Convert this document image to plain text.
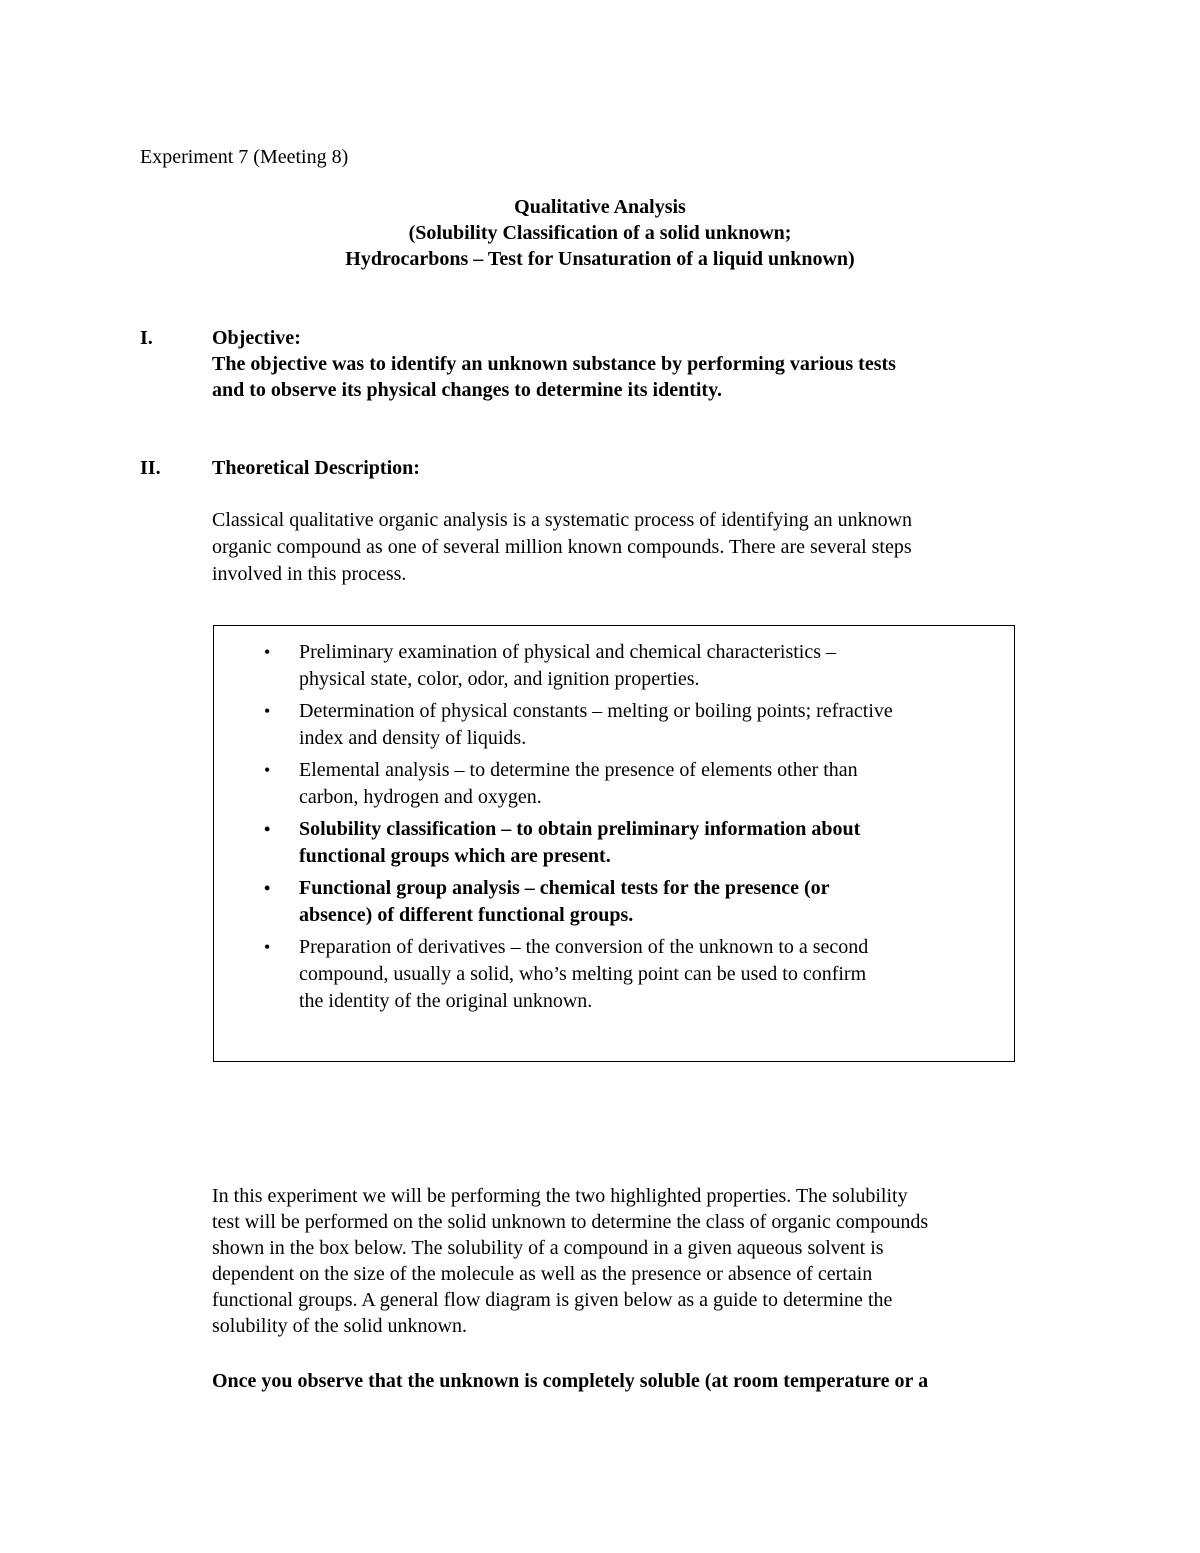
Experiment 7 (Meeting 8)
Qualitative Analysis
(Solubility Classification of a solid unknown;
Hydrocarbons – Test for Unsaturation of a liquid unknown)
I.	Objective:
The objective was to identify an unknown substance by performing various tests
and to observe its physical changes to determine its identity.
II.	Theoretical Description:
Classical qualitative organic analysis is a systematic process of identifying an unknown
organic compound as one of several million known compounds. There are several steps
involved in this process.
• Preliminary examination of physical and chemical characteristics –
physical state, color, odor, and ignition properties.
• Determination of physical constants – melting or boiling points; refractive
index and density of liquids.
• Elemental analysis – to determine the presence of elements other than
carbon, hydrogen and oxygen.
• Solubility classification – to obtain preliminary information about
functional groups which are present.
• Functional group analysis – chemical tests for the presence (or
absence) of different functional groups.
• Preparation of derivatives – the conversion of the unknown to a second
compound, usually a solid, who’s melting point can be used to confirm
the identity of the original unknown.
In this experiment we will be performing the two highlighted properties. The solubility
test will be performed on the solid unknown to determine the class of organic compounds
shown in the box below. The solubility of a compound in a given aqueous solvent is
dependent on the size of the molecule as well as the presence or absence of certain
functional groups. A general flow diagram is given below as a guide to determine the
solubility of the solid unknown.
Once you observe that the unknown is completely soluble (at room temperature or a
